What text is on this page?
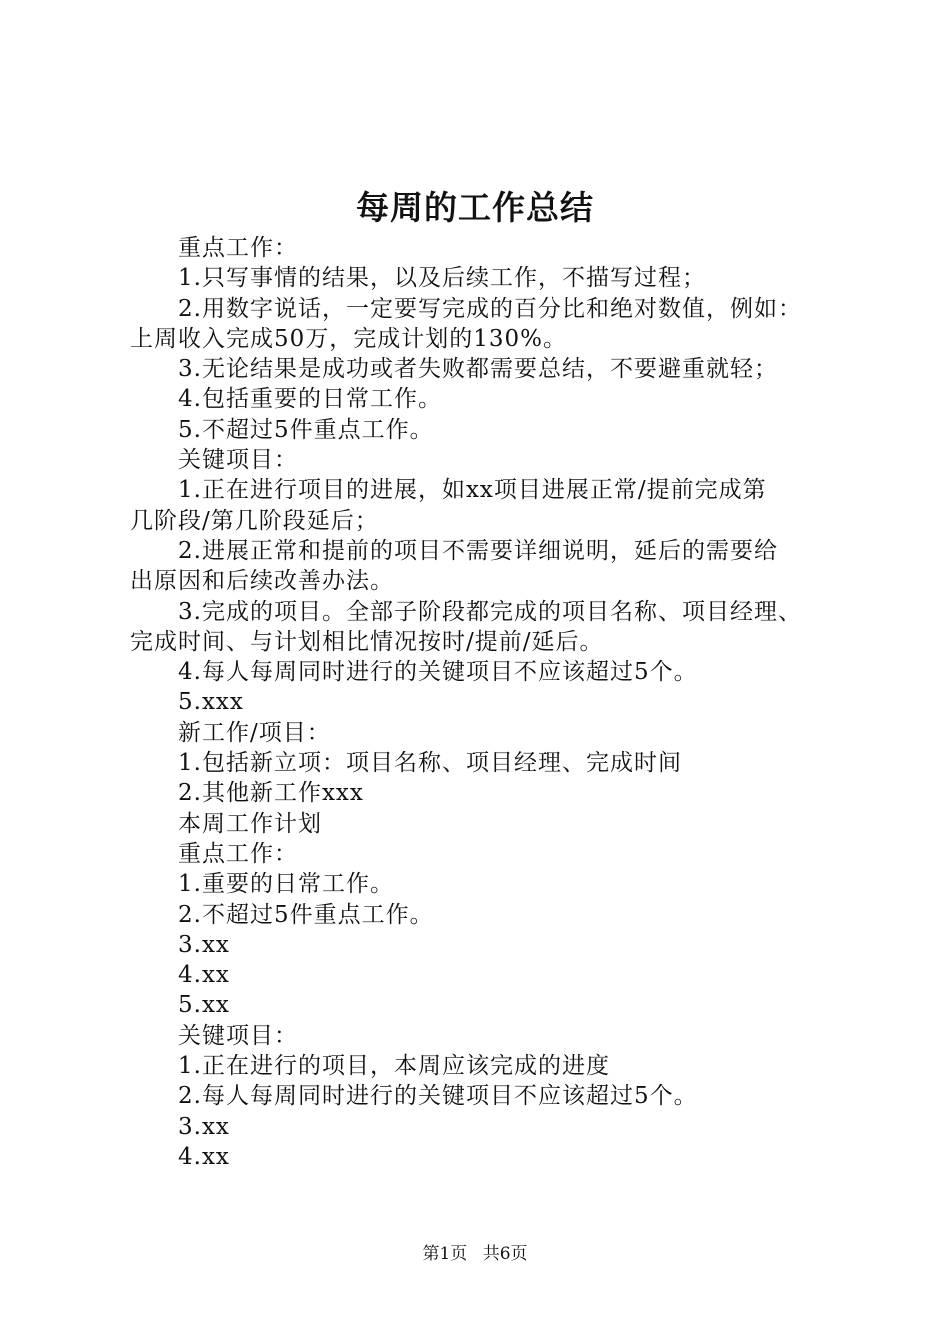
每周的工作总结
重点工作：
1.只写事情的结果，以及后续工作，不描写过程；
2.用数字说话，一定要写完成的百分比和绝对数值，例如：
上周收入完成50万，完成计划的130%。
3.无论结果是成功或者失败都需要总结，不要避重就轻；
4.包括重要的日常工作。
5.不超过5件重点工作。
关键项目：
1.正在进行项目的进展，如xx项目进展正常/提前完成第
几阶段/第几阶段延后；
2.进展正常和提前的项目不需要详细说明，延后的需要给
出原因和后续改善办法。
3.完成的项目。全部子阶段都完成的项目名称、项目经理、
完成时间、与计划相比情况按时/提前/延后。
4.每人每周同时进行的关键项目不应该超过5个。
5.xxx
新工作/项目：
1.包括新立项：项目名称、项目经理、完成时间
2.其他新工作xxx
本周工作计划
重点工作：
1.重要的日常工作。
2.不超过5件重点工作。
3.xx
4.xx
5.xx
关键项目：
1.正在进行的项目，本周应该完成的进度
2.每人每周同时进行的关键项目不应该超过5个。
3.xx
4.xx
第1页 共6页
